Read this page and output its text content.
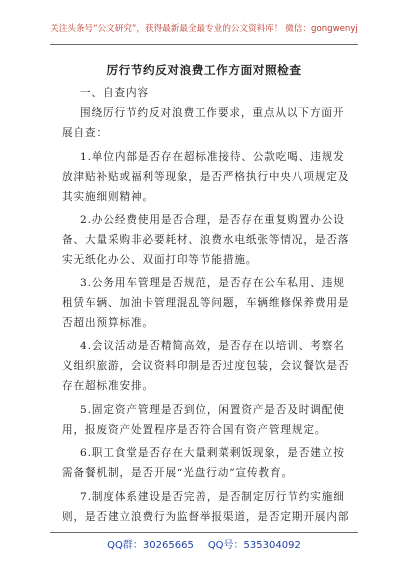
关注头条号“公文研究”，获得最新最全最专业的公文资料库！ 微信：gongwenyj
厉行节约反对浪费工作方面对照检查
一、自查内容
围绕厉行节约反对浪费工作要求，重点从以下方面开
展自查：
1.单位内部是否存在超标准接待、公款吃喝、违规发
放津贴补贴或福利等现象，是否严格执行中央八项规定及
其实施细则精神。
2.办公经费使用是否合理，是否存在重复购置办公设
备、大量采购非必要耗材、浪费水电纸张等情况，是否落
实无纸化办公、双面打印等节能措施。
3.公务用车管理是否规范，是否存在公车私用、违规
租赁车辆、加油卡管理混乱等问题，车辆维修保养费用是
否超出预算标准。
4.会议活动是否精简高效，是否存在以培训、考察名
义组织旅游，会议资料印制是否过度包装，会议餐饮是否
存在超标准安排。
5.固定资产管理是否到位，闲置资产是否及时调配使
用，报废资产处置程序是否符合国有资产管理规定。
6.职工食堂是否存在大量剩菜剩饭现象，是否建立按
需备餐机制，是否开展“光盘行动”宣传教育。
7.制度体系建设是否完善，是否制定厉行节约实施细
则，是否建立浪费行为监督举报渠道，是否定期开展内部
QQ群：30265665 QQ号：535304092
